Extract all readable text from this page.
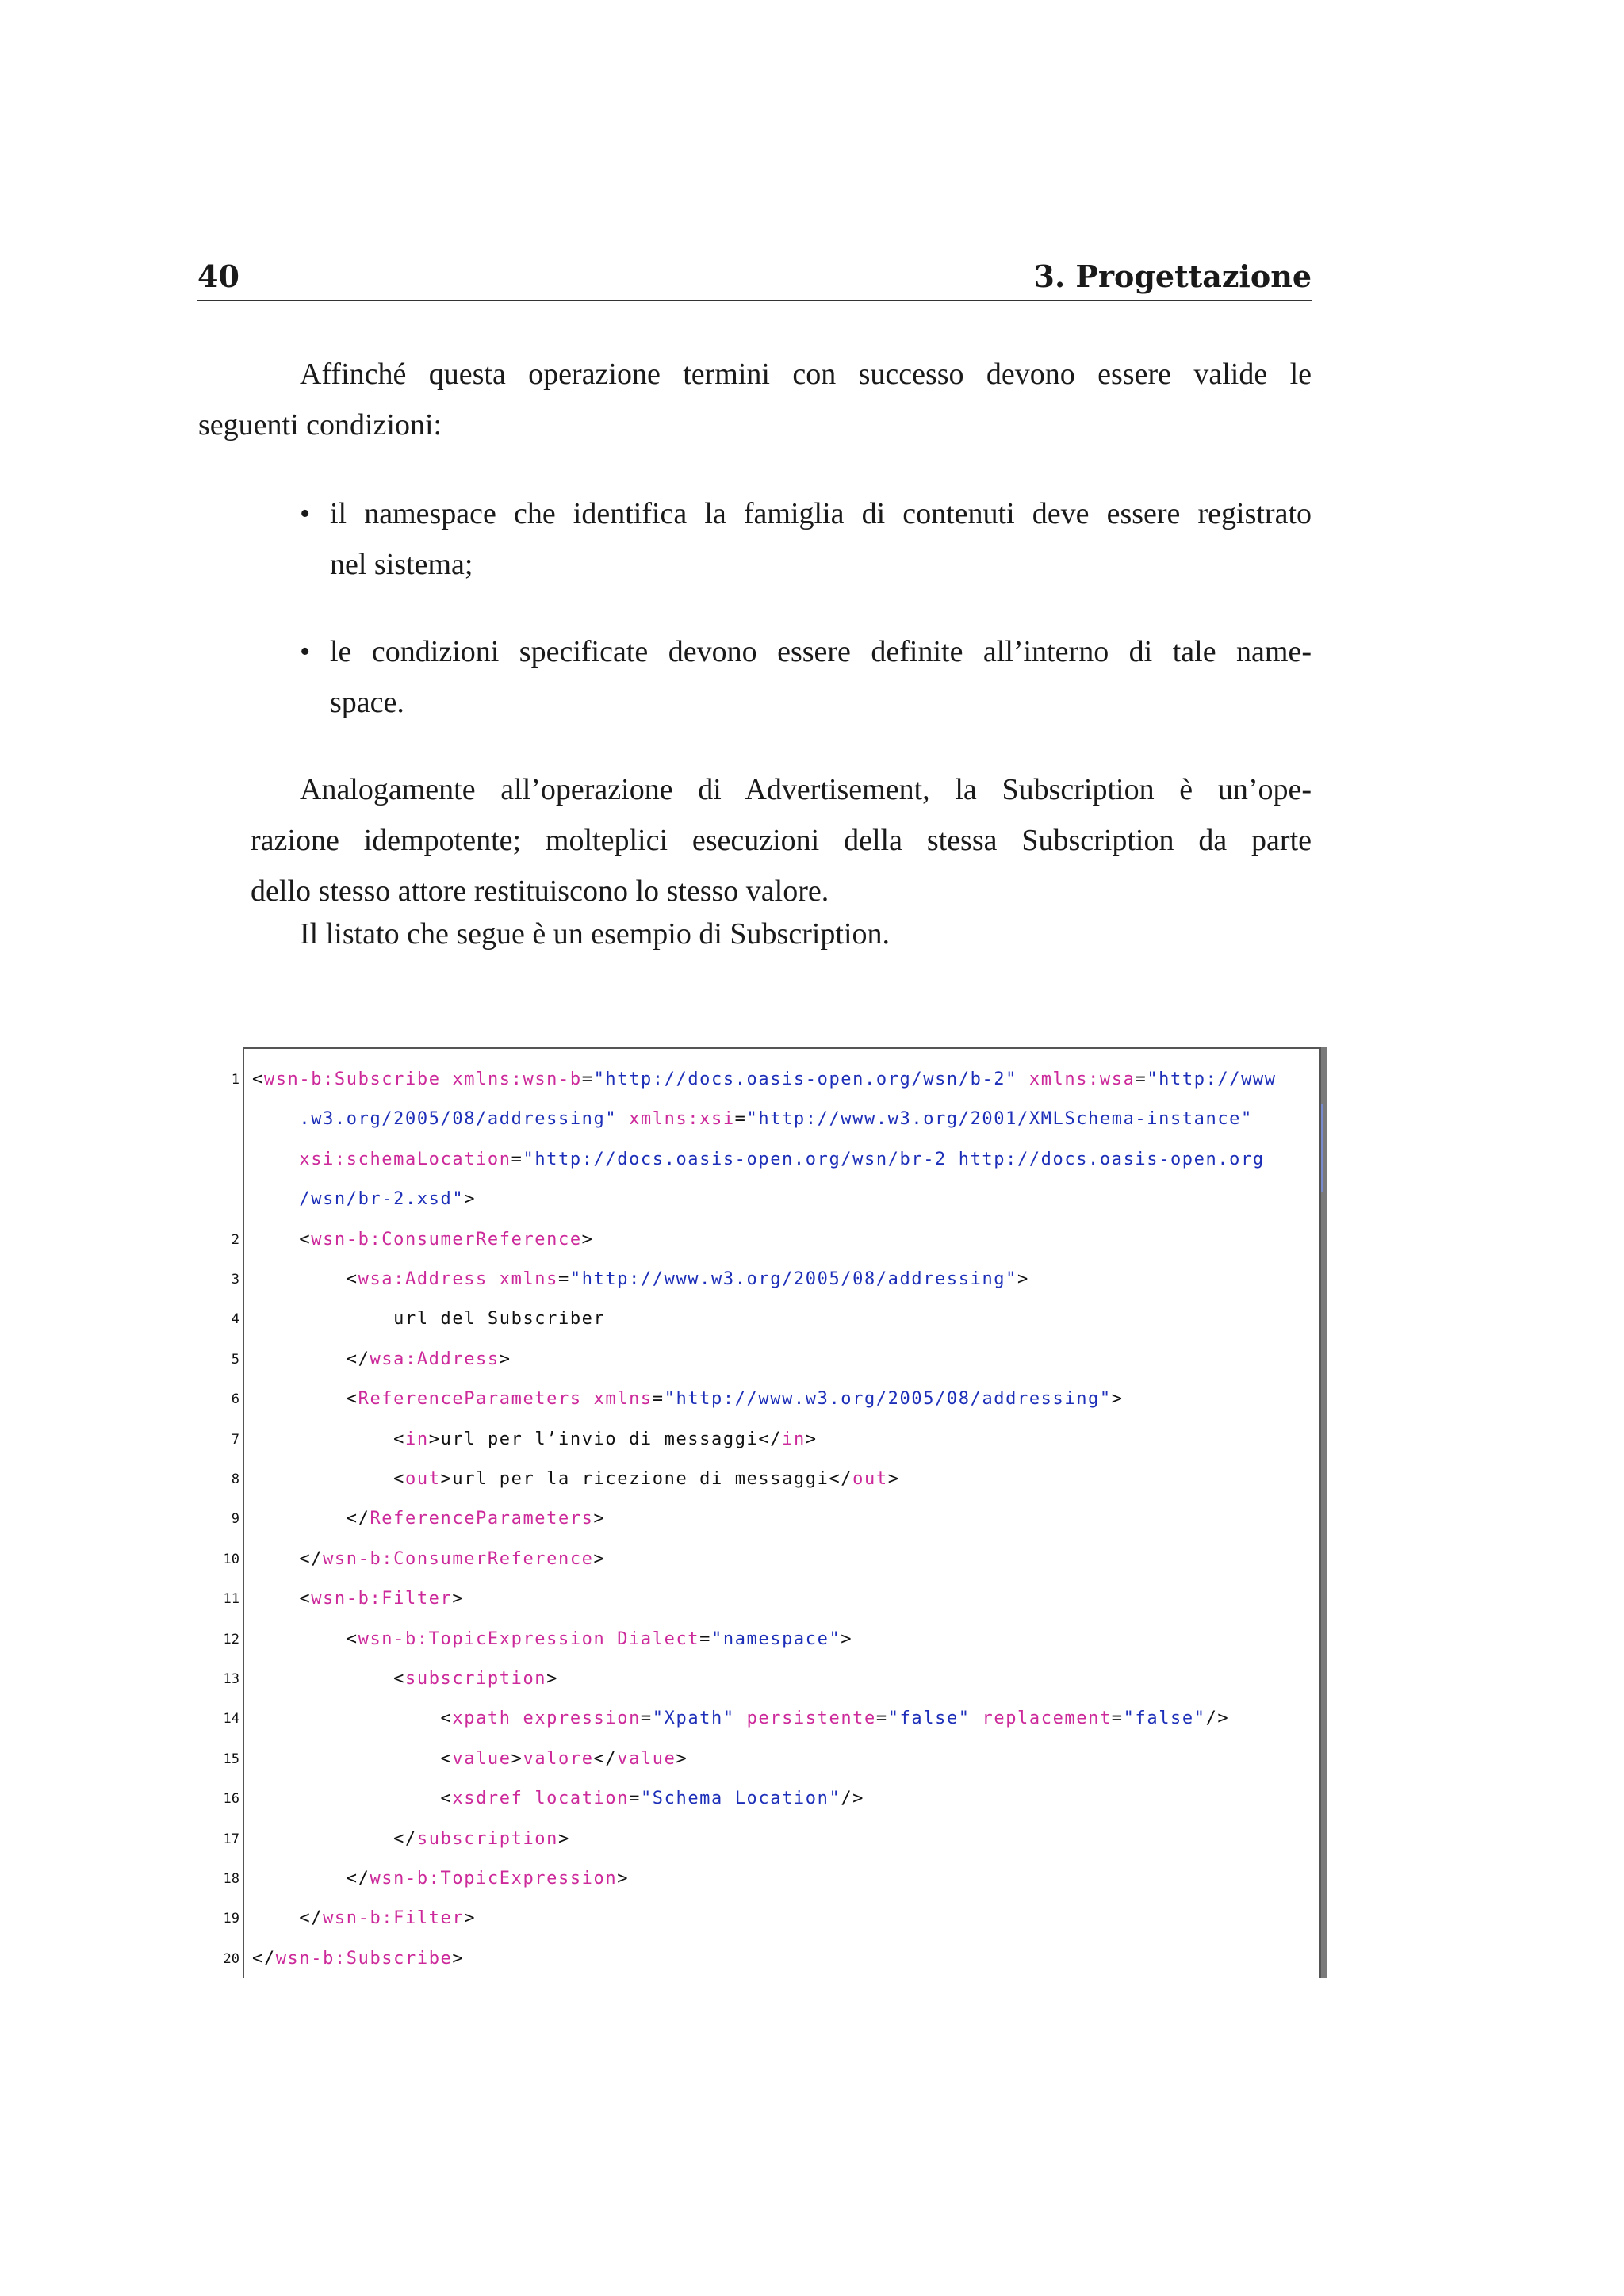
40	3. Progettazione
Affinché questa operazione termini con successo devono essere valide le
seguenti condizioni:
• il namespace che identifica la famiglia di contenuti deve essere registrato
nel sistema;
• le condizioni specificate devono essere definite all’interno di tale name-
space.
Analogamente all’operazione di Advertisement, la Subscription è un’ope-
razione idempotente; molteplici esecuzioni della stessa Subscription da parte
dello stesso attore restituiscono lo stesso valore.
Il listato che segue è un esempio di Subscription.
1 <wsn-b:Subscribe xmlns:wsn-b="http://docs.oasis-open.org/wsn/b-2" xmlns:wsa="http://www
.w3.org/2005/08/addressing" xmlns:xsi="http://www.w3.org/2001/XMLSchema-instance"
xsi:schemaLocation="http://docs.oasis-open.org/wsn/br-2 http://docs.oasis-open.org
/wsn/br-2.xsd">
2 <wsn-b:ConsumerReference>
3 <wsa:Address xmlns="http://www.w3.org/2005/08/addressing">
4 url del Subscriber
5 </wsa:Address>
6 <ReferenceParameters xmlns="http://www.w3.org/2005/08/addressing">
7 <in>url per l’invio di messaggi</in>
8 <out>url per la ricezione di messaggi</out>
9 </ReferenceParameters>
10 </wsn-b:ConsumerReference>
11 <wsn-b:Filter>
12 <wsn-b:TopicExpression Dialect="namespace">
13 <subscription>
14 <xpath expression="Xpath" persistente="false" replacement="false"/>
15 <value>valore</value>
16 <xsdref location="Schema Location"/>
17 </subscription>
18 </wsn-b:TopicExpression>
19 </wsn-b:Filter>
20 </wsn-b:Subscribe>
